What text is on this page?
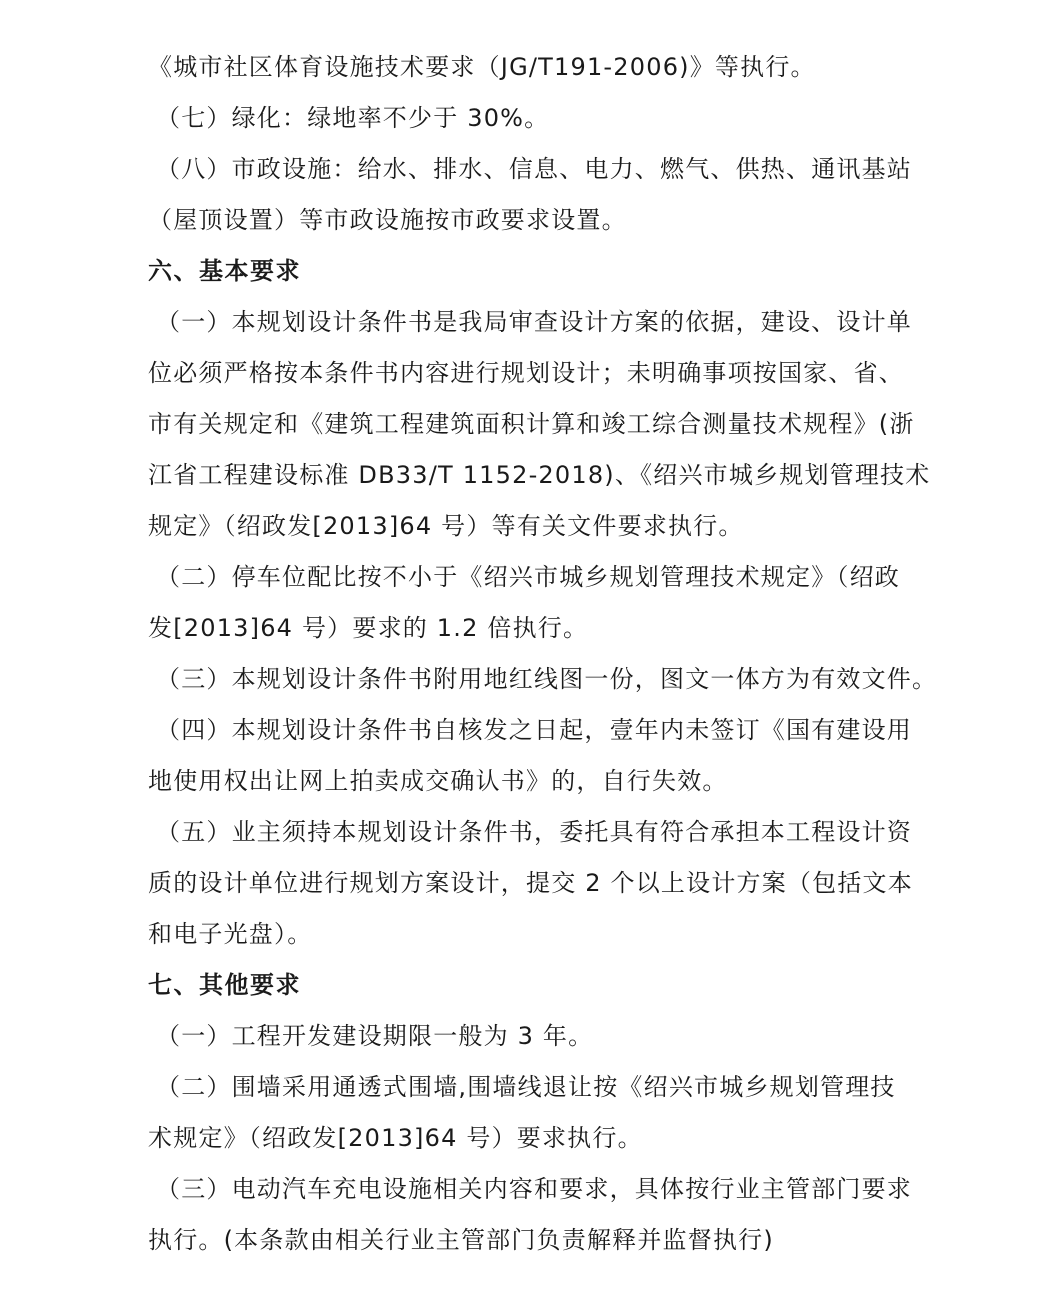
《城市社区体育设施技术要求（JG/T191-2006)》等执行。
（七）绿化：绿地率不少于 30%。
（八）市政设施：给水、排水、信息、电力、燃气、供热、通讯基站
（屋顶设置）等市政设施按市政要求设置。
六、基本要求
（一）本规划设计条件书是我局审查设计方案的依据，建设、设计单
位必须严格按本条件书内容进行规划设计；未明确事项按国家、省、
市有关规定和《建筑工程建筑面积计算和竣工综合测量技术规程》(浙
江省工程建设标准 DB33/T 1152-2018)、《绍兴市城乡规划管理技术
规定》（绍政发[2013]64 号）等有关文件要求执行。
（二）停车位配比按不小于《绍兴市城乡规划管理技术规定》（绍政
发[2013]64 号）要求的 1.2 倍执行。
（三）本规划设计条件书附用地红线图一份，图文一体方为有效文件。
（四）本规划设计条件书自核发之日起，壹年内未签订《国有建设用
地使用权出让网上拍卖成交确认书》的，自行失效。
（五）业主须持本规划设计条件书，委托具有符合承担本工程设计资
质的设计单位进行规划方案设计，提交 2 个以上设计方案（包括文本
和电子光盘）。
七、其他要求
（一）工程开发建设期限一般为 3 年。
（二）围墙采用通透式围墙,围墙线退让按《绍兴市城乡规划管理技
术规定》（绍政发[2013]64 号）要求执行。
（三）电动汽车充电设施相关内容和要求，具体按行业主管部门要求
执行。(本条款由相关行业主管部门负责解释并监督执行)
